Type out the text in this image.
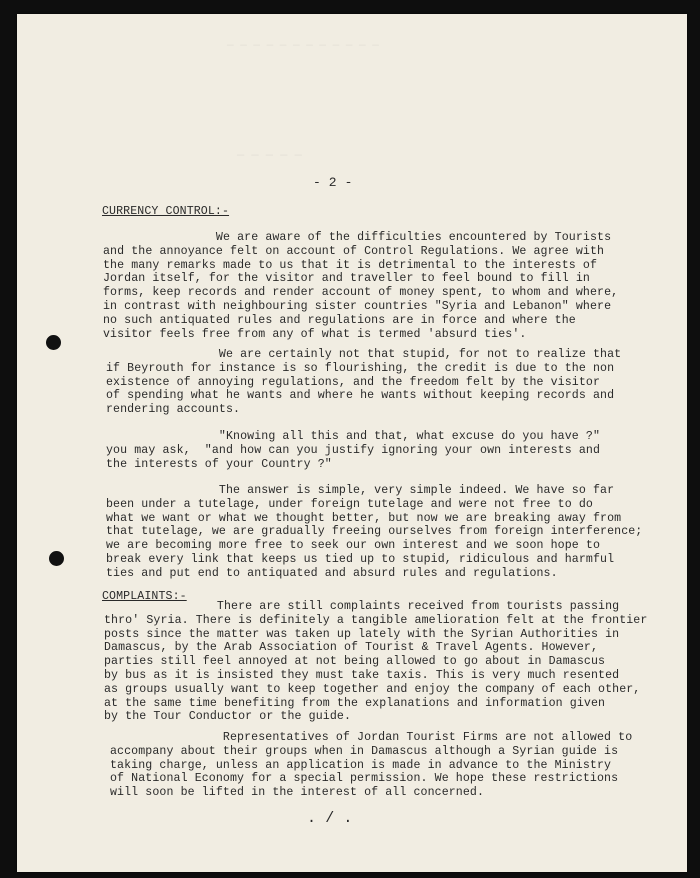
— — — — — — — — — — — —
— — — — —
- 2 -
CURRENCY CONTROL:-
We are aware of the difficulties encountered by Tourists
and the annoyance felt on account of Control Regulations. We agree with
the many remarks made to us that it is detrimental to the interests of
Jordan itself, for the visitor and traveller to feel bound to fill in
forms, keep records and render account of money spent, to whom and where,
in contrast with neighbouring sister countries "Syria and Lebanon" where
no such antiquated rules and regulations are in force and where the
visitor feels free from any of what is termed 'absurd ties'.
We are certainly not that stupid, for not to realize that
if Beyrouth for instance is so flourishing, the credit is due to the non
existence of annoying regulations, and the freedom felt by the visitor
of spending what he wants and where he wants without keeping records and
rendering accounts.
"Knowing all this and that, what excuse do you have ?"
you may ask,  "and how can you justify ignoring your own interests and
the interests of your Country ?"
The answer is simple, very simple indeed. We have so far
been under a tutelage, under foreign tutelage and were not free to do
what we want or what we thought better, but now we are breaking away from
that tutelage, we are gradually freeing ourselves from foreign interference;
we are becoming more free to seek our own interest and we soon hope to
break every link that keeps us tied up to stupid, ridiculous and harmful
ties and put end to antiquated and absurd rules and regulations.
COMPLAINTS:-
There are still complaints received from tourists passing
thro' Syria. There is definitely a tangible amelioration felt at the frontier
posts since the matter was taken up lately with the Syrian Authorities in
Damascus, by the Arab Association of Tourist & Travel Agents. However,
parties still feel annoyed at not being allowed to go about in Damascus
by bus as it is insisted they must take taxis. This is very much resented
as groups usually want to keep together and enjoy the company of each other,
at the same time benefiting from the explanations and information given
by the Tour Conductor or the guide.
Representatives of Jordan Tourist Firms are not allowed to
accompany about their groups when in Damascus although a Syrian guide is
taking charge, unless an application is made in advance to the Ministry
of National Economy for a special permission. We hope these restrictions
will soon be lifted in the interest of all concerned.
. / .
